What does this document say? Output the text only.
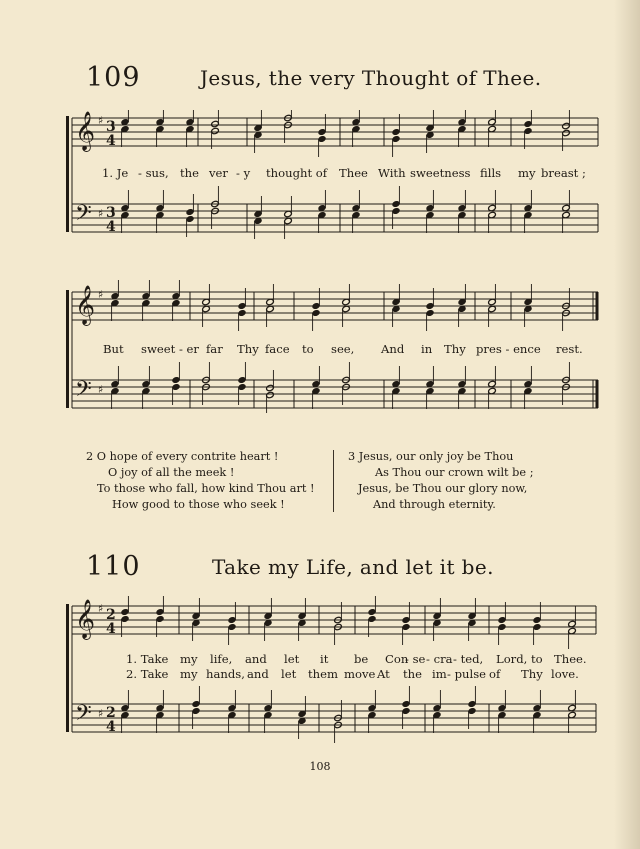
109	Jesus, the very Thought of Thee.
𝄞
𝄢
♯
♯
3
4
3
4
1. Je - sus, the ver - y thought of Thee With sweetness fills my breast ;
𝄞
𝄢
♯
♯
But sweet - er far Thy face to see, And in Thy pres - ence rest.
2 O hope of every contrite heart !
O joy of all the meek !
To those who fall, how kind Thou art !
How good to those who seek !
3 Jesus, our only joy be Thou
As Thou our crown wilt be ;
Jesus, be Thou our glory now,
And through eternity.
110	Take my Life, and let it be.
𝄞
𝄢
♯
♯
2
4
2
4
1. Take my life, and let it be Con
- se - cra - ted, Lord, to Thee.
2. Take my hands, and let them move At the im - pulse of Thy love.
108
